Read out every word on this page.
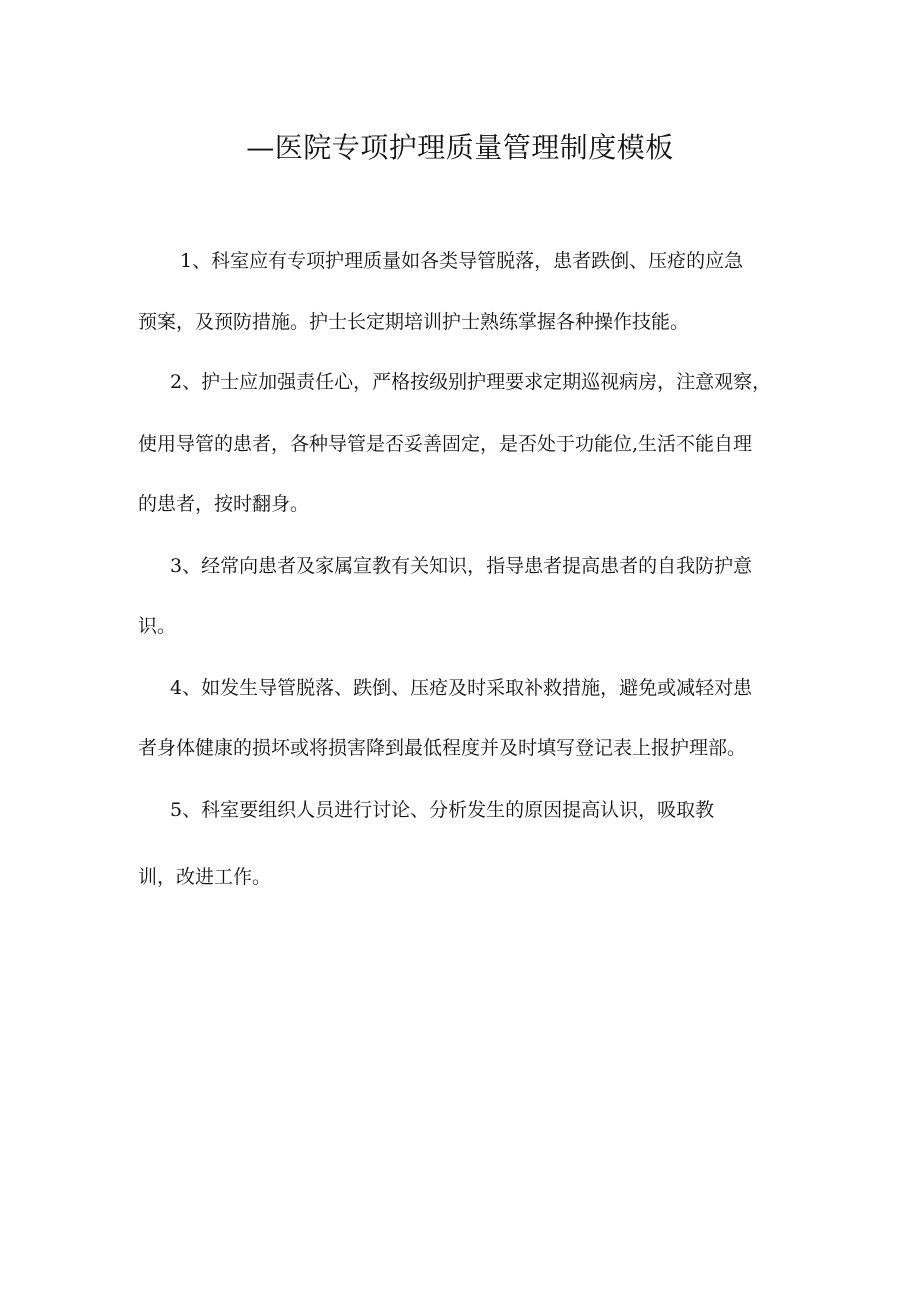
—医院专项护理质量管理制度模板

1、科室应有专项护理质量如各类导管脱落，患者跌倒、压疮的应急

预案，及预防措施。护士长定期培训护士熟练掌握各种操作技能。

2、护士应加强责任心，严格按级别护理要求定期巡视病房，注意观察，

使用导管的患者，各种导管是否妥善固定，是否处于功能位,生活不能自理

的患者，按时翻身。

3、经常向患者及家属宣教有关知识，指导患者提高患者的自我防护意

识。

4、如发生导管脱落、跌倒、压疮及时采取补救措施，避免或减轻对患

者身体健康的损坏或将损害降到最低程度并及时填写登记表上报护理部。

5、科室要组织人员进行讨论、分析发生的原因提高认识，吸取教

训，改进工作。
